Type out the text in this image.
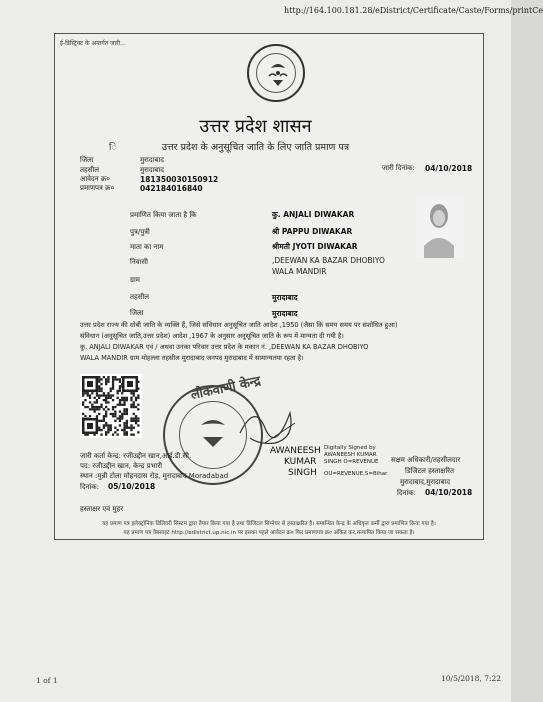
http://164.100.181.28/eDistrict/Certificate/Caste/Forms/printCe
ई-डिस्ट्रिक्ट के अन्तर्गत जारी...
उत्तर प्रदेश शासन
ि	उत्तर प्रदेश के अनुसूचित जाति के लिए जाति प्रमाण पत्र
जिला	मुरादाबाद
तहसील	मुरादाबाद
आवेदन क्र०	181350030150912
प्रमाणपत्र क्र०	042184016840
जारी दिनांक: 04/10/2018
प्रमाणित किया जाता है कि	कु. ANJALI DIWAKAR
पुत्र/पुत्री	श्री PAPPU DIWAKAR
माता का नाम	श्रीमती JYOTI DIWAKAR
निवासी	,DEEWAN KA BAZAR DHOBIYO
WALA MANDIR
ग्राम
तहसील	मुरादाबाद
जिला	मुरादाबाद
उत्तर प्रदेश राज्य की धोबी जाति के व्यक्ति हैं, जिसे संविधान अनुसूचित जाति आदेश ,1950 (जैसा कि समय समय पर संशोधित हुआ)
संविधान (अनुसूचित जाति,उत्तर प्रदेश) आदेश ,1967 के अनुसार अनुसूचित जाति के रूप में मान्यता दी गयी है।
कु. ANJALI DIWAKAR एवं / अथवा उनका परिवार उत्तर प्रदेश के मकान नं. ,DEEWAN KA BAZAR DHOBIYO
WALA MANDIR ग्राम मोहल्ला तहसील मुरादाबाद जनपद मुरादाबाद में सामान्यतया रहता है।
लोकवाणी केन्द्र
जारी कर्ता केन्द्र: रजीउद्दीन खान,आई.डी.सी.
पद: रजीउद्दीन खान, केन्द्र प्रभारी
स्थान :मुन्नी टोला मोहनदास रोड़, मुरादाबाद Moradabad
दिनांक: 05/10/2018
हस्ताक्षर एवं मुहर
AWANEESH
KUMAR
SINGH
Digitally Signed by
AWANEESH KUMAR
SINGH O=REVENUE
OU=REVENUE,S=Bihar
सक्षम अधिकारी/तहसीलदार
डिजिटल हस्ताक्षरित
मुरादाबाद,मुरादाबाद
दिनांक: 04/10/2018
यह प्रमाण पत्र इलेक्ट्रॉनिक डिलिवरी सिस्टम द्वारा तैयार किया गया है तथा डिजिटल सिग्नेचर से हस्ताक्षरित है। सम्बन्धित केन्द्र के अधिकृत कर्मी द्वारा प्रमाणित किया गया है।
यह प्रमाण पत्र वेबसाइट http://edistrict.up.nic.in पर इसका पहले आवेदन क्र० फिर प्रमाणपत्र क्र० अंकित कर,सत्यापित किया जा सकता है।
1 of 1	10/5/2018, 7:22
